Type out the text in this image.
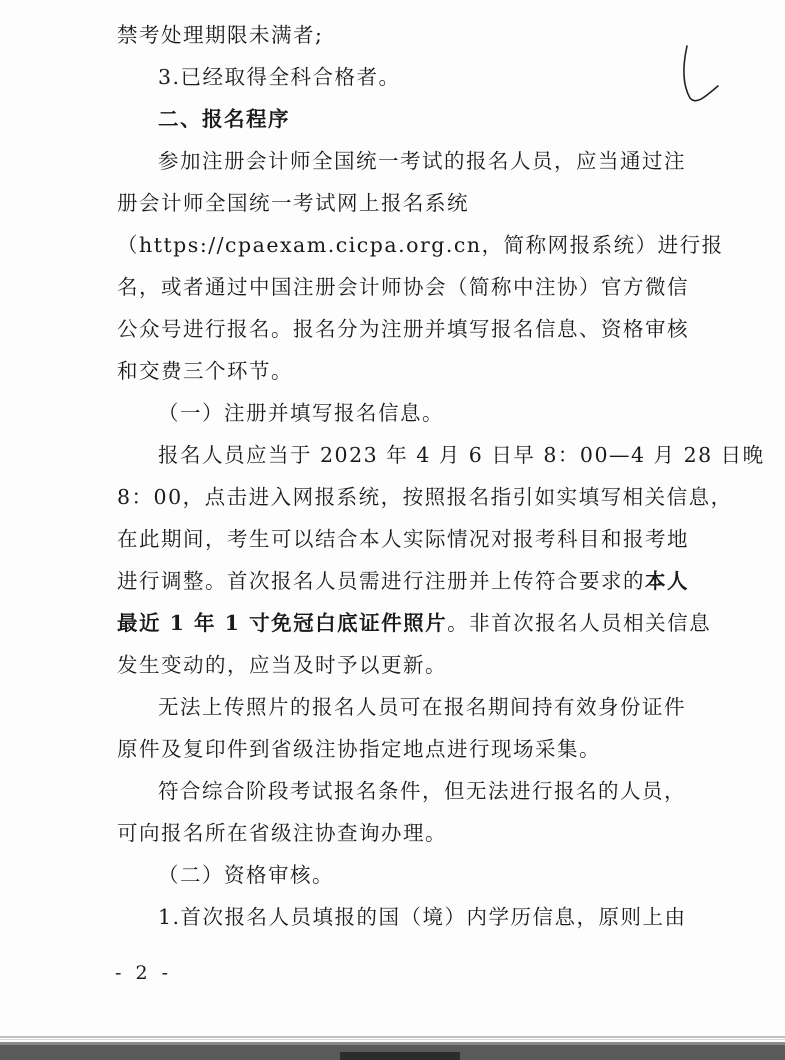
禁考处理期限未满者;
3.已经取得全科合格者。
二、报名程序
参加注册会计师全国统一考试的报名人员，应当通过注
册会计师全国统一考试网上报名系统
（https://cpaexam.cicpa.org.cn，简称网报系统）进行报
名，或者通过中国注册会计师协会（简称中注协）官方微信
公众号进行报名。报名分为注册并填写报名信息、资格审核
和交费三个环节。
（一）注册并填写报名信息。
报名人员应当于 2023 年 4 月 6 日早 8：00—4 月 28 日晚
8：00，点击进入网报系统，按照报名指引如实填写相关信息，
在此期间，考生可以结合本人实际情况对报考科目和报考地
进行调整。首次报名人员需进行注册并上传符合要求的本人
最近 1 年 1 寸免冠白底证件照片。非首次报名人员相关信息
发生变动的，应当及时予以更新。
无法上传照片的报名人员可在报名期间持有效身份证件
原件及复印件到省级注协指定地点进行现场采集。
符合综合阶段考试报名条件，但无法进行报名的人员，
可向报名所在省级注协查询办理。
（二）资格审核。
1.首次报名人员填报的国（境）内学历信息，原则上由
- 2 -
